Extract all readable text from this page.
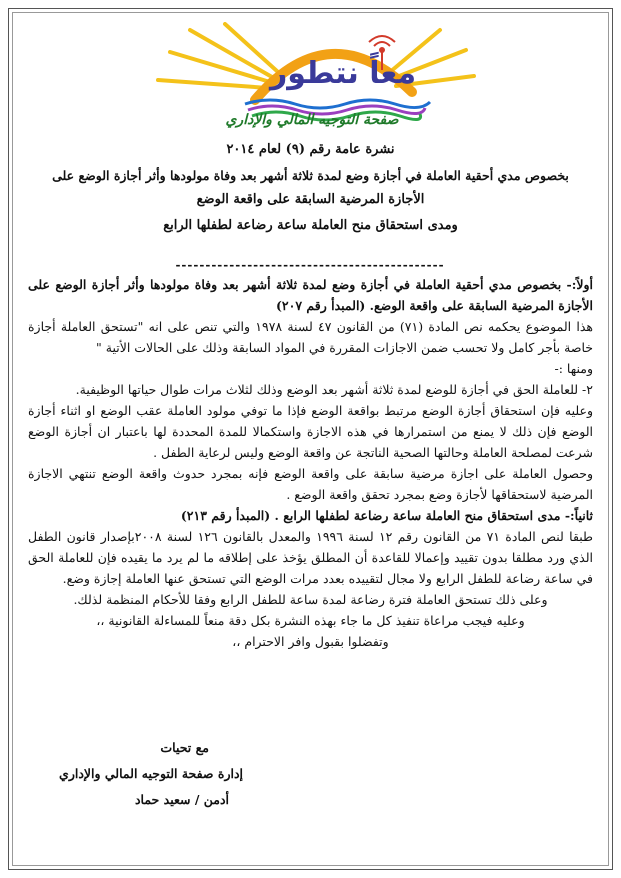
معاً نتطور
صفحة التوجيه المالي والإداري
نشرة عامة رقم (٩) لعام ٢٠١٤
بخصوص مدي أحقية العاملة في أجازة وضع لمدة ثلاثة أشهر بعد وفاة مولودها وأثر أجازة الوضع على
الأجازة المرضية السابقة على واقعة الوضع
ومدى استحقاق منح العاملة ساعة رضاعة لطفلها الرابع
---------------------------------------------

أولاً:- بخصوص مدي أحقية العاملة في أجازة وضع لمدة ثلاثة أشهر بعد وفاة مولودها وأثر أجازة الوضع على الأجازة المرضية السابقة على واقعة الوضع. (المبدأ رقم ٢٠٧)

هذا الموضوع يحكمه نص المادة (٧١) من القانون ٤٧ لسنة ١٩٧٨ والتي تنص على انه "تستحق العاملة أجازة خاصة بأجر كامل ولا تحسب ضمن الاجازات المقررة في المواد السابقة وذلك على الحالات الأتية "

ومنها :-

٢- للعاملة الحق في أجازة للوضع لمدة ثلاثة أشهر بعد الوضع وذلك لثلاث مرات طوال حياتها الوظيفية.

وعليه فإن استحقاق أجازة الوضع مرتبط بواقعة الوضع فإذا ما توفي مولود العاملة عقب الوضع او اثناء أجازة الوضع فإن ذلك لا يمنع من استمرارها في هذه الاجازة واستكمالا للمدة المحددة لها باعتبار ان أجازة الوضع شرعت لمصلحة العاملة وحالتها الصحية الناتجة عن واقعة الوضع وليس لرعاية الطفل .

وحصول العاملة على اجازة مرضية سابقة على واقعة الوضع فإنه بمجرد حدوث واقعة الوضع تنتهي الاجازة المرضية لاستحقاقها لأجازة وضع بمجرد تحقق واقعة الوضع .

ثانياً:- مدى استحقاق منح العاملة ساعة رضاعة لطفلها الرابع . (المبدأ رقم ٢١٣)

طبقا لنص المادة ٧١ من القانون رقم ١٢ لسنة ١٩٩٦ والمعدل بالقانون ١٢٦ لسنة ٢٠٠٨بإصدار قانون الطفل الذي ورد مطلقا بدون تقييد وإعمالا للقاعدة أن المطلق يؤخذ على إطلاقه ما لم يرد ما يقيده فإن للعاملة الحق في ساعة رضاعة للطفل الرابع ولا مجال لتقييده بعدد مرات الوضع التي تستحق عنها العاملة إجازة وضع.

وعلى ذلك تستحق العاملة فترة رضاعة لمدة ساعة للطفل الرابع وفقا للأحكام المنظمة لذلك.

وعليه فيجب مراعاة تنفيذ كل ما جاء بهذه النشرة بكل دقة منعاً للمساءلة القانونية ،،

وتفضلوا بقبول وافر الاحترام ،،

مع تحيات
إدارة صفحة التوجيه المالي والإداري
أدمن / سعيد حماد
